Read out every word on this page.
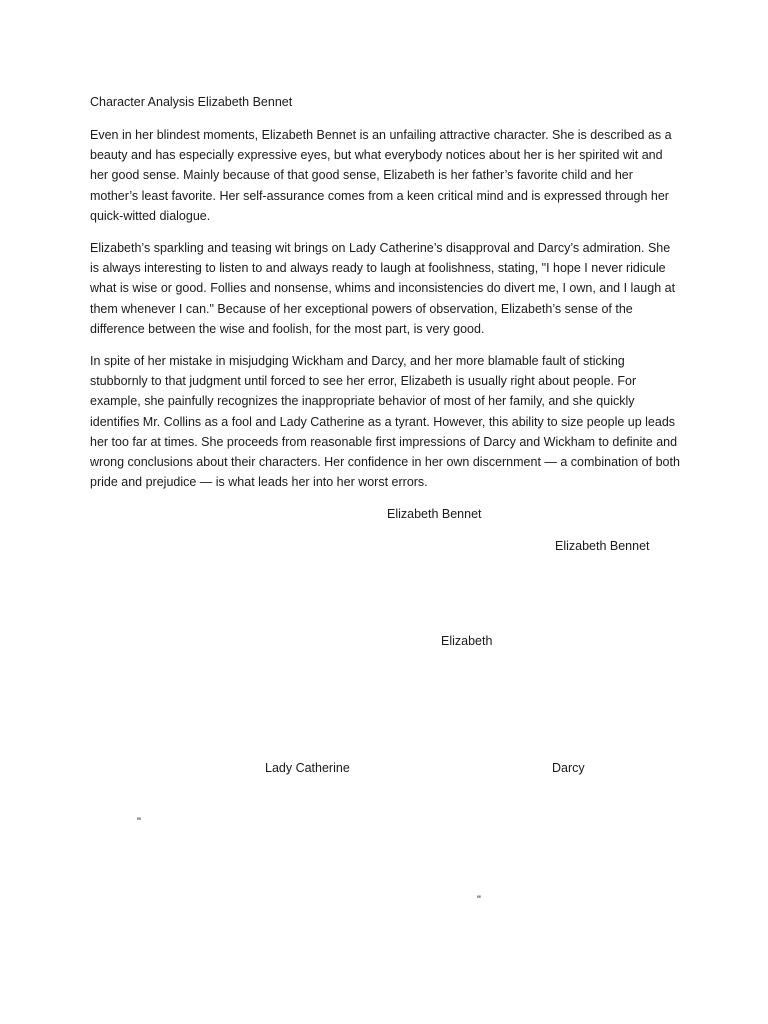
Character Analysis Elizabeth Bennet

Even in her blindest moments, Elizabeth Bennet is an unfailing attractive character. She is described as a beauty and has especially expressive eyes, but what everybody notices about her is her spirited wit and her good sense. Mainly because of that good sense, Elizabeth is her father’s favorite child and her mother’s least favorite. Her self-assurance comes from a keen critical mind and is expressed through her quick-witted dialogue.

Elizabeth’s sparkling and teasing wit brings on Lady Catherine’s disapproval and Darcy’s admiration. She is always interesting to listen to and always ready to laugh at foolishness, stating, "I hope I never ridicule what is wise or good. Follies and nonsense, whims and inconsistencies do divert me, I own, and I laugh at them whenever I can." Because of her exceptional powers of observation, Elizabeth’s sense of the difference between the wise and foolish, for the most part, is very good.

In spite of her mistake in misjudging Wickham and Darcy, and her more blamable fault of sticking stubbornly to that judgment until forced to see her error, Elizabeth is usually right about people. For example, she painfully recognizes the inappropriate behavior of most of her family, and she quickly identifies Mr. Collins as a fool and Lady Catherine as a tyrant. However, this ability to size people up leads her too far at times. She proceeds from reasonable first impressions of Darcy and Wickham to definite and wrong conclusions about their characters. Her confidence in her own discernment — a combination of both pride and prejudice — is what leads her into her worst errors.

Elizabeth Bennet
Elizabeth Bennet
Elizabeth
Lady Catherine	Darcy
"
"
